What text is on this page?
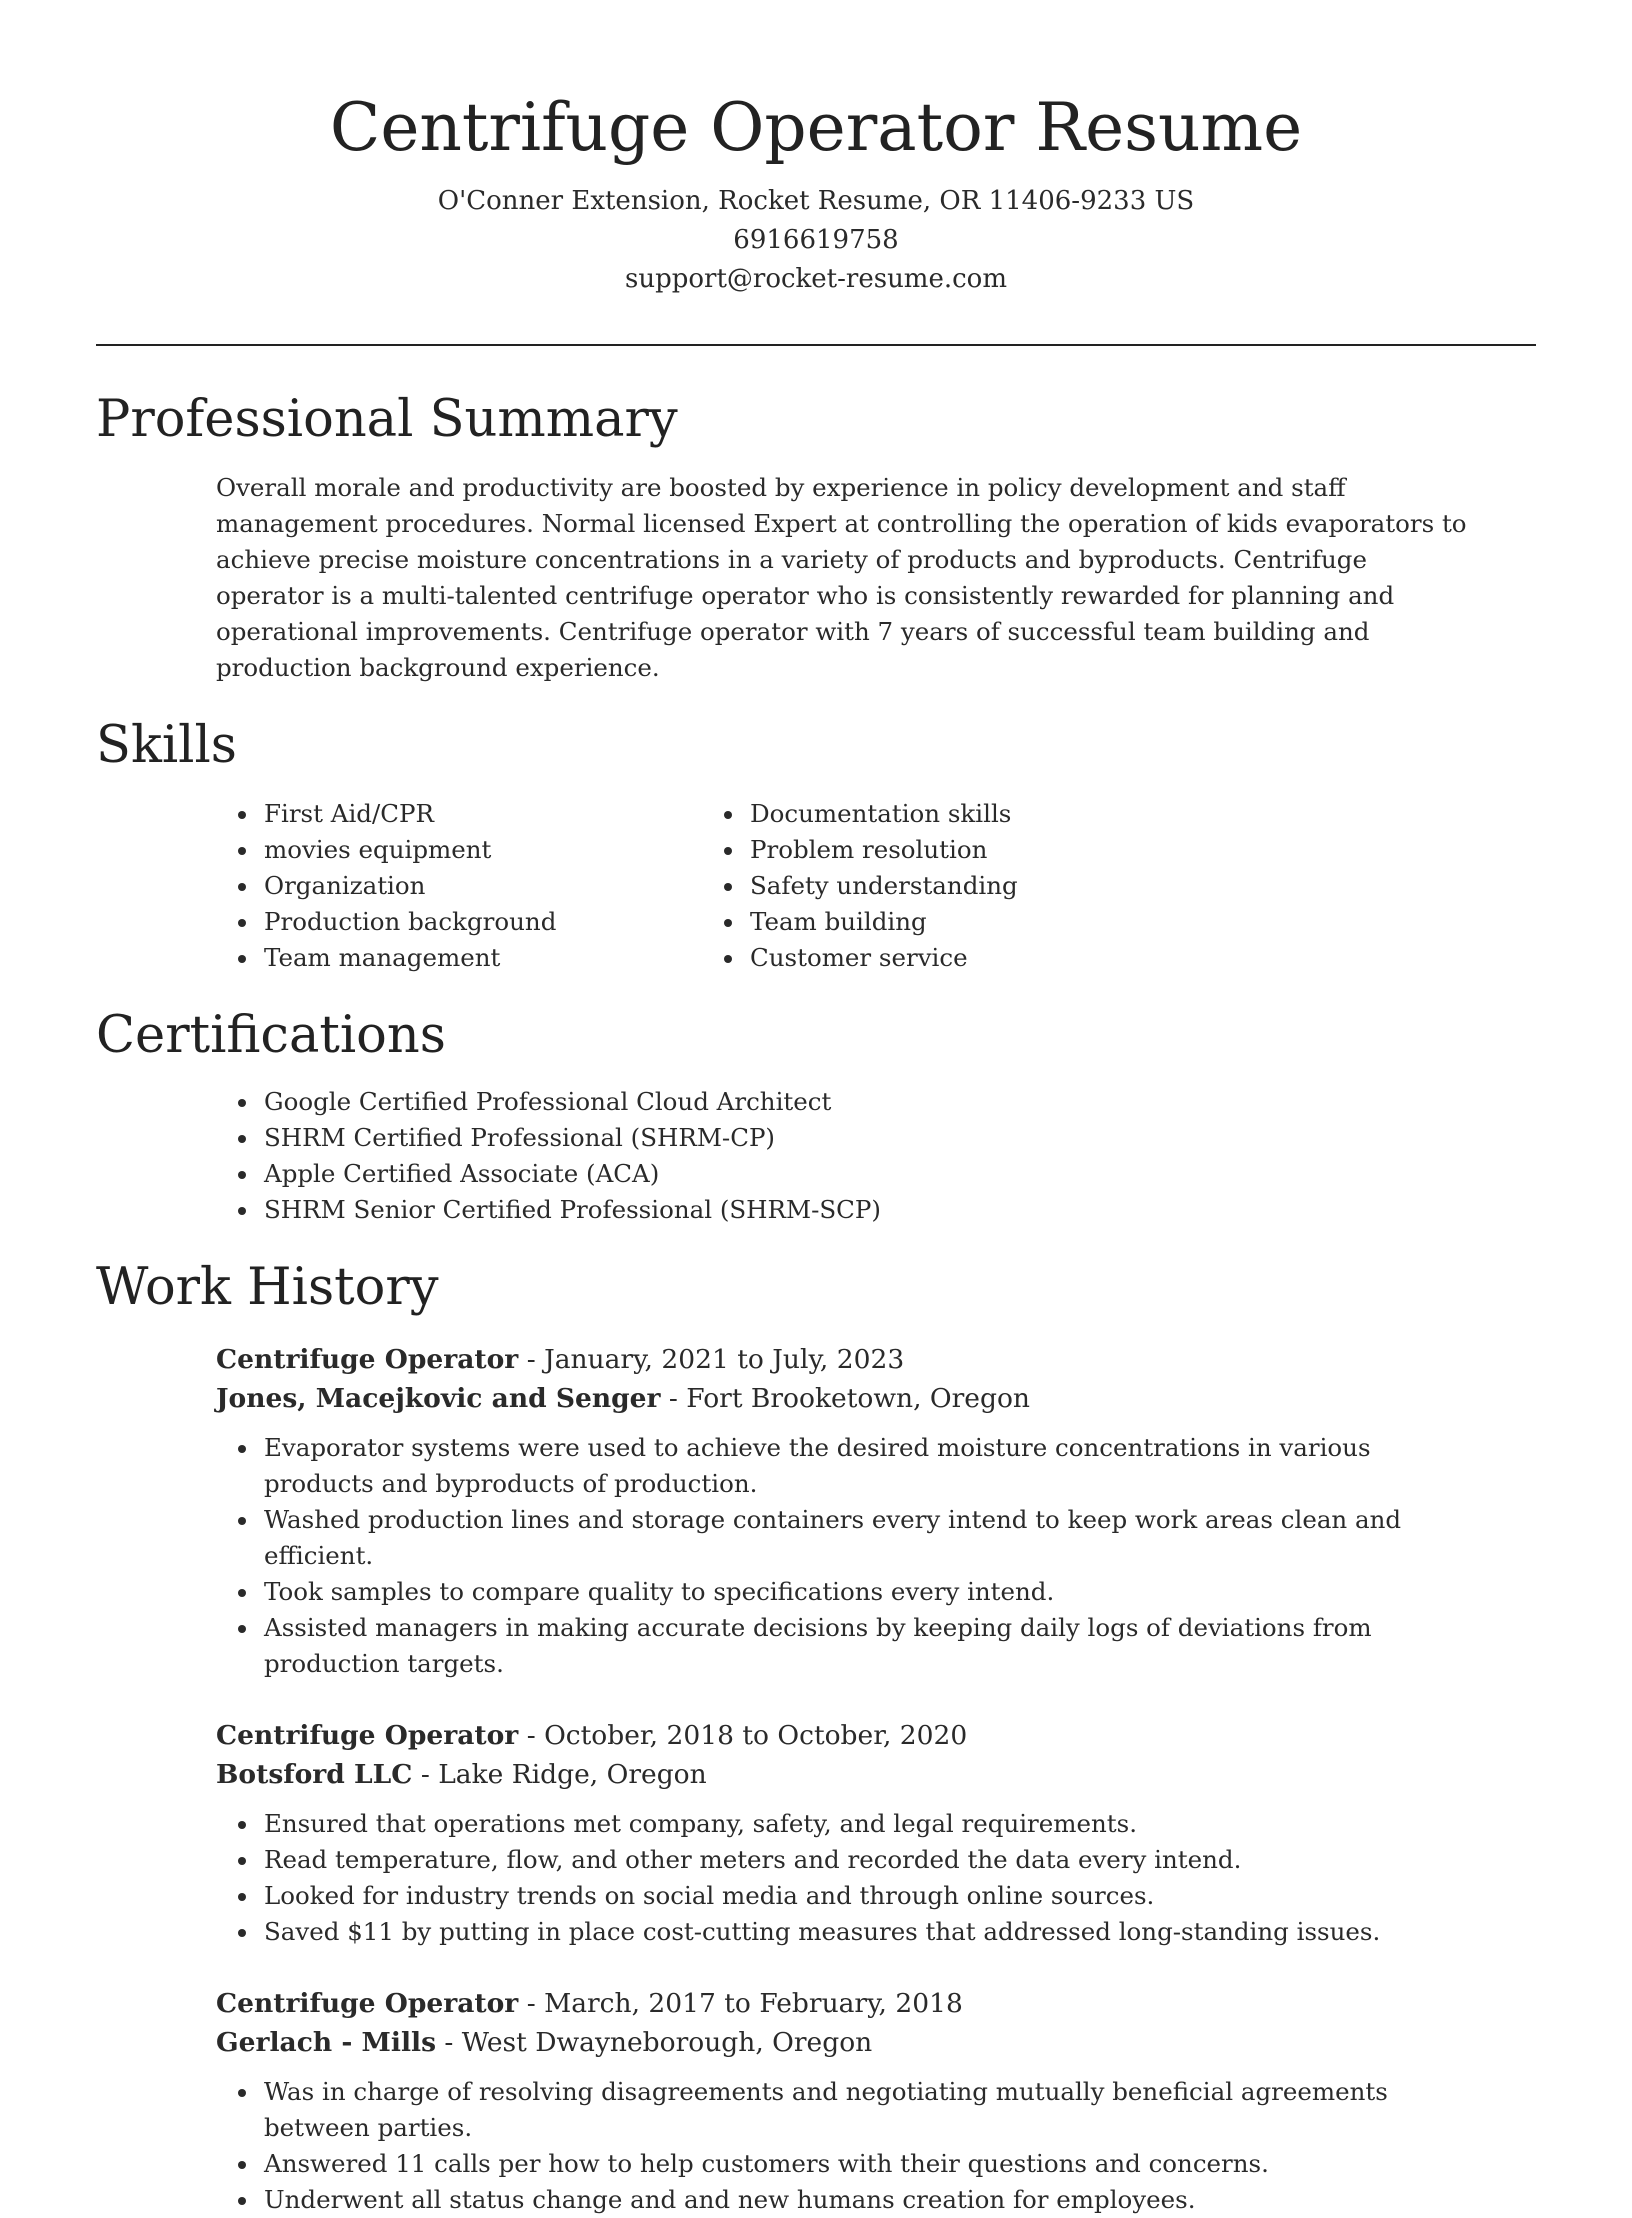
Centrifuge Operator Resume
O'Conner Extension, Rocket Resume, OR 11406-9233 US
6916619758
support@rocket-resume.com
Professional Summary

Overall morale and productivity are boosted by experience in policy development and staff management procedures. Normal licensed Expert at controlling the operation of kids evaporators to achieve precise moisture concentrations in a variety of products and byproducts. Centrifuge operator is a multi-talented centrifuge operator who is consistently rewarded for planning and operational improvements. Centrifuge operator with 7 years of successful team building and production background experience.

Skills
• First Aid/CPR
• movies equipment
• Organization
• Production background
• Team management
• Documentation skills
• Problem resolution
• Safety understanding
• Team building
• Customer service
Certifications
• Google Certified Professional Cloud Architect
• SHRM Certified Professional (SHRM-CP)
• Apple Certified Associate (ACA)
• SHRM Senior Certified Professional (SHRM-SCP)
Work History
Centrifuge Operator - January, 2021 to July, 2023
Jones, Macejkovic and Senger - Fort Brooketown, Oregon
• Evaporator systems were used to achieve the desired moisture concentrations in various products and byproducts of production.
• Washed production lines and storage containers every intend to keep work areas clean and efficient.
• Took samples to compare quality to specifications every intend.
• Assisted managers in making accurate decisions by keeping daily logs of deviations from production targets.
Centrifuge Operator - October, 2018 to October, 2020
Botsford LLC - Lake Ridge, Oregon
• Ensured that operations met company, safety, and legal requirements.
• Read temperature, flow, and other meters and recorded the data every intend.
• Looked for industry trends on social media and through online sources.
• Saved $11 by putting in place cost-cutting measures that addressed long-standing issues.
Centrifuge Operator - March, 2017 to February, 2018
Gerlach - Mills - West Dwayneborough, Oregon
• Was in charge of resolving disagreements and negotiating mutually beneficial agreements between parties.
• Answered 11 calls per how to help customers with their questions and concerns.
• Underwent all status change and and new humans creation for employees.
